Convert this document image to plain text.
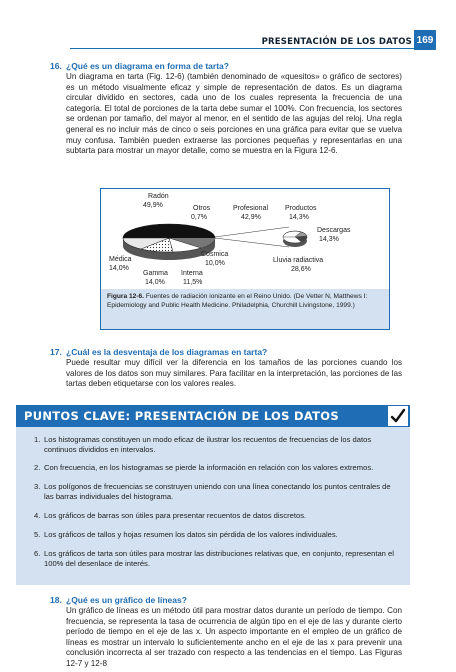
PRESENTACIÓN DE LOS DATOS 169
16. ¿Qué es un diagrama en forma de tarta?
Un diagrama en tarta (Fig. 12-6) (también denominado de «quesitos» o gráfico de sectores) es un método visualmente eficaz y simple de representación de datos. Es un diagrama circular dividido en sectores, cada uno de los cuales representa la frecuencia de una categoría. El total de porciones de la tarta debe sumar el 100%. Con frecuencia, los sectores se ordenan por tamaño, del mayor al menor, en el sentido de las agujas del reloj. Una regla general es no incluir más de cinco o seis porciones en una gráfica para evitar que se vuelva muy confusa. También pueden extraerse las porciones pequeñas y representarlas en una subtarta para mostrar un mayor detalle, como se muestra en la Figura 12-6.
Radón
49,9%	Otros
0,7%
Profesional
42,9%
Productos
14,3%
Descargas
14,3%
Cosmica
10,0%
Médica
14,0%
Gamma
14,0%
Interna
11,5%
Lluvia radiactiva
28,6%
Figura 12-6. Fuentes de radiación ionizante en el Reino Unido. (De Vetter N, Matthews I: Epidemiology and Public Health Medicine. Philadelphia, Churchill Livingstone, 1999.)
17. ¿Cuál es la desventaja de los diagramas en tarta?
Puede resultar muy difícil ver la diferencia en los tamaños de las porciones cuando los valores de los datos son muy similares. Para facilitar en la interpretación, las porciones de las tartas deben etiquetarse con los valores reales.
PUNTOS CLAVE: PRESENTACIÓN DE LOS DATOS
1. Los histogramas constituyen un modo eficaz de ilustrar los recuentos de frecuencias de los datos continuos divididos en intervalos.
2. Con frecuencia, en los histogramas se pierde la información en relación con los valores extremos.
3. Los polígonos de frecuencias se construyen uniendo con una línea conectando los puntos centrales de las barras individuales del histograma.
4. Los gráficos de barras son útiles para presentar recuentos de datos discretos.
5. Los gráficos de tallos y hojas resumen los datos sin pérdida de los valores individuales.
6. Los gráficos de tarta son útiles para mostrar las distribuciones relativas que, en conjunto, representan el 100% del desenlace de interés.
18. ¿Qué es un gráfico de líneas?
Un gráfico de líneas es un método útil para mostrar datos durante un período de tiempo. Con frecuencia, se representa la tasa de ocurrencia de algún tipo en el eje de las y durante cierto período de tiempo en el eje de las x. Un aspecto importante en el empleo de un gráfico de líneas es mostrar un intervalo lo suficientemente ancho en el eje de las x para prevenir una conclusión incorrecta al ser trazado con respecto a las tendencias en el tiempo. Las Figuras 12-7 y 12-8
